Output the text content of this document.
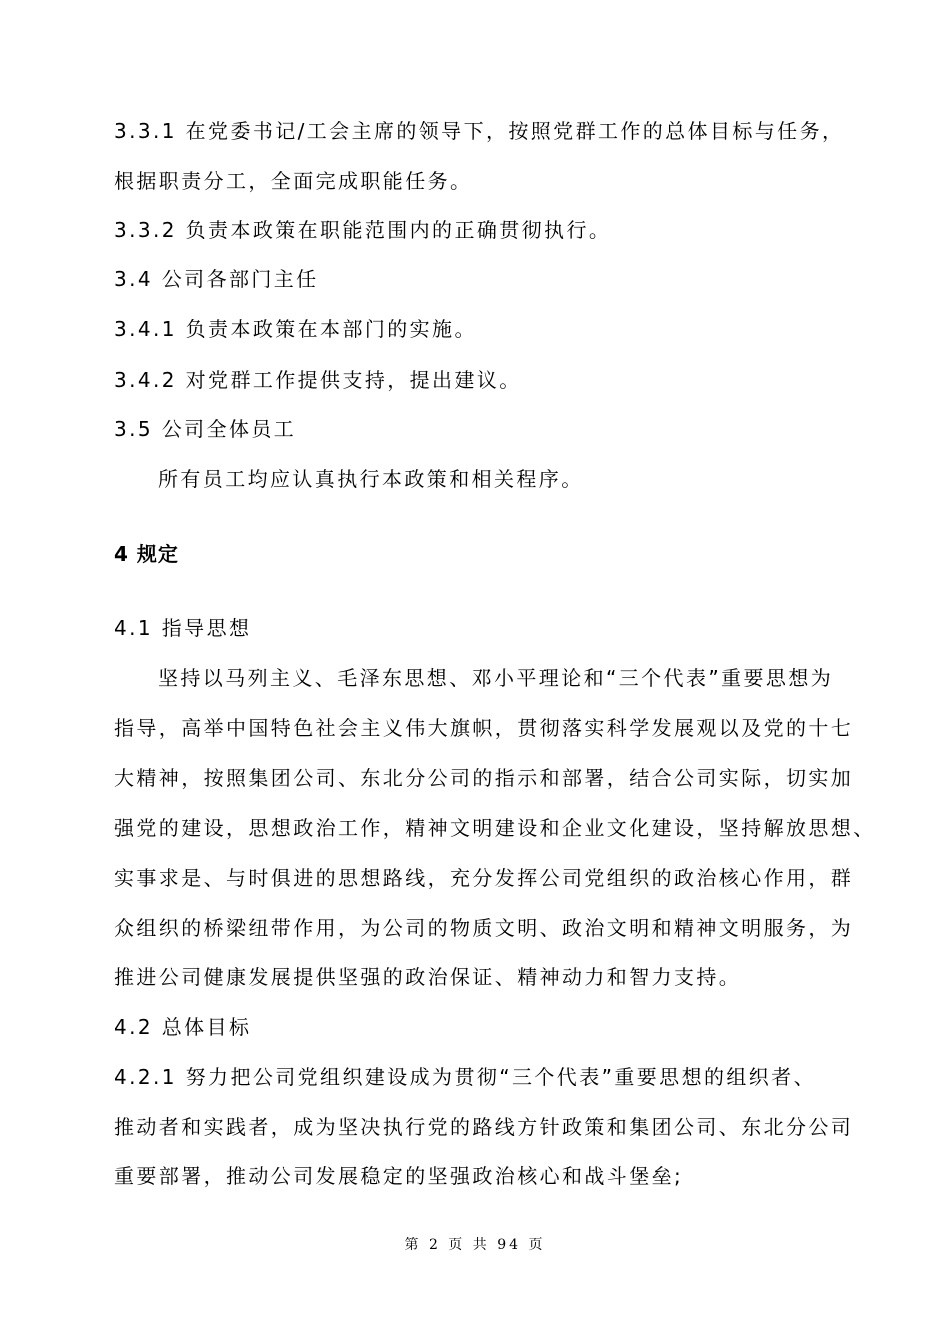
3.3.1 在党委书记/工会主席的领导下，按照党群工作的总体目标与任务，
根据职责分工，全面完成职能任务。
3.3.2 负责本政策在职能范围内的正确贯彻执行。
3.4 公司各部门主任
3.4.1 负责本政策在本部门的实施。
3.4.2 对党群工作提供支持，提出建议。
3.5 公司全体员工
所有员工均应认真执行本政策和相关程序。
4 规定
4.1 指导思想
坚持以马列主义、毛泽东思想、邓小平理论和“三个代表”重要思想为
指导，高举中国特色社会主义伟大旗帜，贯彻落实科学发展观以及党的十七
大精神，按照集团公司、东北分公司的指示和部署，结合公司实际，切实加
强党的建设，思想政治工作，精神文明建设和企业文化建设，坚持解放思想、
实事求是、与时俱进的思想路线，充分发挥公司党组织的政治核心作用，群
众组织的桥梁纽带作用，为公司的物质文明、政治文明和精神文明服务，为
推进公司健康发展提供坚强的政治保证、精神动力和智力支持。
4.2 总体目标
4.2.1 努力把公司党组织建设成为贯彻“三个代表”重要思想的组织者、
推动者和实践者，成为坚决执行党的路线方针政策和集团公司、东北分公司
重要部署，推动公司发展稳定的坚强政治核心和战斗堡垒;
第 2 页 共 94 页
